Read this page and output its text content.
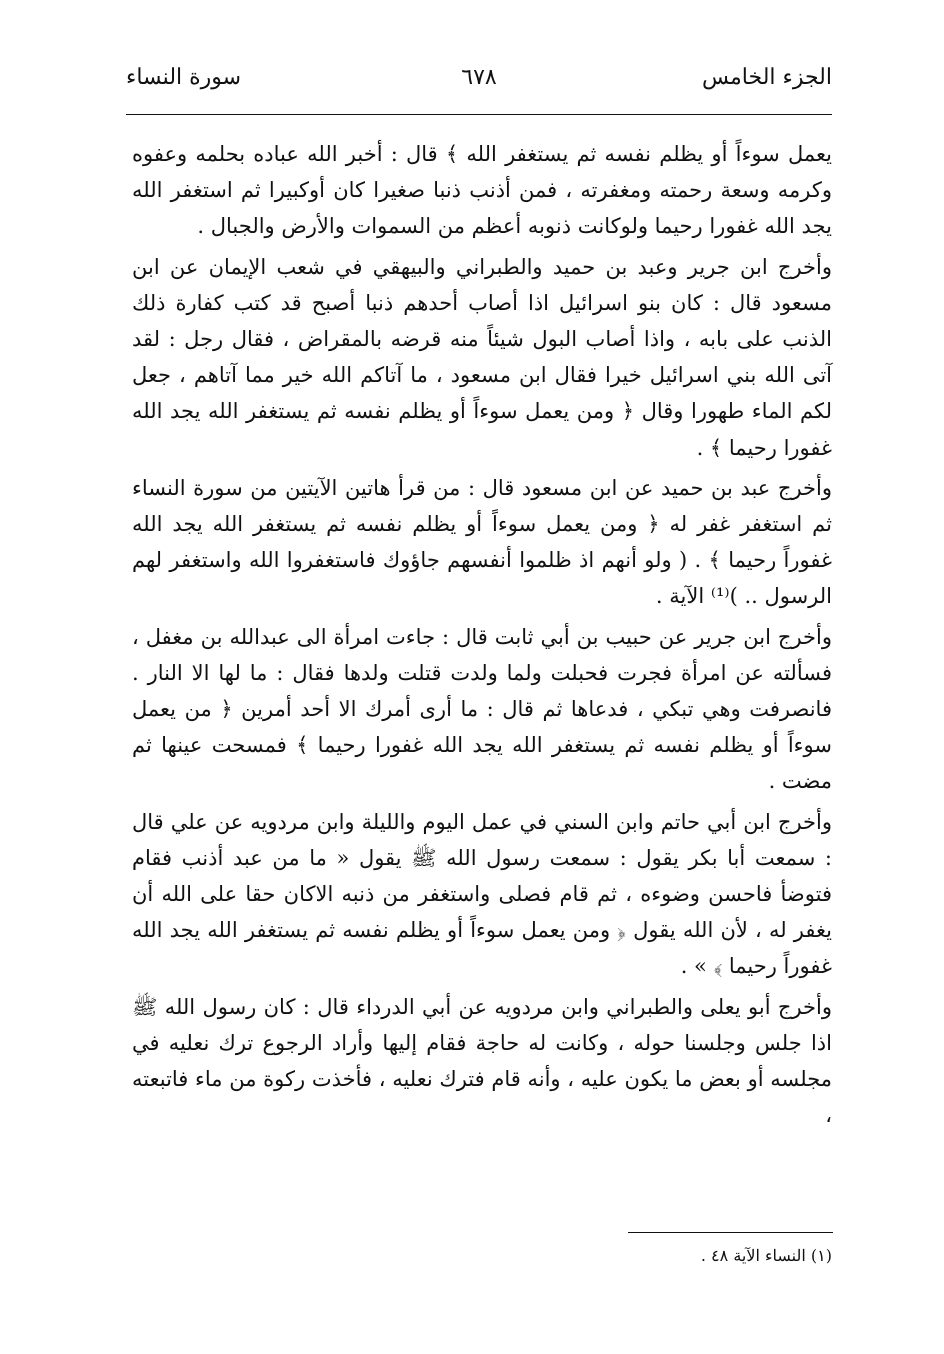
الجزء الخامس
٦٧٨
سورة النساء

يعمل سوءاً أو يظلم نفسه ثم يستغفر الله ﴾ قال : أخبر الله عباده بحلمه وعفوه وكرمه وسعة رحمته ومغفرته ، فمن أذنب ذنبا صغيرا كان أوكبيرا ثم استغفر الله يجد الله غفورا رحيما ولوكانت ذنوبه أعظم من السموات والأرض والجبال .

وأخرج ابن جرير وعبد بن حميد والطبراني والبيهقي في شعب الإيمان عن ابن مسعود قال : كان بنو اسرائيل اذا أصاب أحدهم ذنبا أصبح قد كتب كفارة ذلك الذنب على بابه ، واذا أصاب البول شيئاً منه قرضه بالمقراض ، فقال رجل : لقد آتى الله بني اسرائيل خيرا فقال ابن مسعود ، ما آتاكم الله خير مما آتاهم ، جعل لكم الماء طهورا وقال ﴿ ومن يعمل سوءاً أو يظلم نفسه ثم يستغفر الله يجد الله غفورا رحيما ﴾ .

وأخرج عبد بن حميد عن ابن مسعود قال : من قرأ هاتين الآيتين من سورة النساء ثم استغفر غفر له ﴿ ومن يعمل سوءاً أو يظلم نفسه ثم يستغفر الله يجد الله غفوراً رحيما ﴾ . ( ولو أنهم اذ ظلموا أنفسهم جاؤوك فاستغفروا الله واستغفر لهم الرسول .. )⁽¹⁾ الآية .

وأخرج ابن جرير عن حبيب بن أبي ثابت قال : جاءت امرأة الى عبدالله بن مغفل ، فسألته عن امرأة فجرت فحبلت ولما ولدت قتلت ولدها فقال : ما لها الا النار . فانصرفت وهي تبكي ، فدعاها ثم قال : ما أرى أمرك الا أحد أمرين ﴿ من يعمل سوءاً أو يظلم نفسه ثم يستغفر الله يجد الله غفورا رحيما ﴾ فمسحت عينها ثم مضت .

وأخرج ابن أبي حاتم وابن السني في عمل اليوم والليلة وابن مردويه عن علي قال : سمعت أبا بكر يقول : سمعت رسول الله ﷺ يقول « ما من عبد أذنب فقام فتوضأ فاحسن وضوءه ، ثم قام فصلى واستغفر من ذنبه الاكان حقا على الله أن يغفر له ، لأن الله يقول ﴿ ومن يعمل سوءاً أو يظلم نفسه ثم يستغفر الله يجد الله غفوراً رحيما ﴾ » .

وأخرج أبو يعلى والطبراني وابن مردويه عن أبي الدرداء قال : كان رسول الله ﷺ اذا جلس وجلسنا حوله ، وكانت له حاجة فقام إليها وأراد الرجوع ترك نعليه في مجلسه أو بعض ما يكون عليه ، وأنه قام فترك نعليه ، فأخذت ركوة من ماء فاتبعته ،

(١) النساء الآية ٤٨ .
